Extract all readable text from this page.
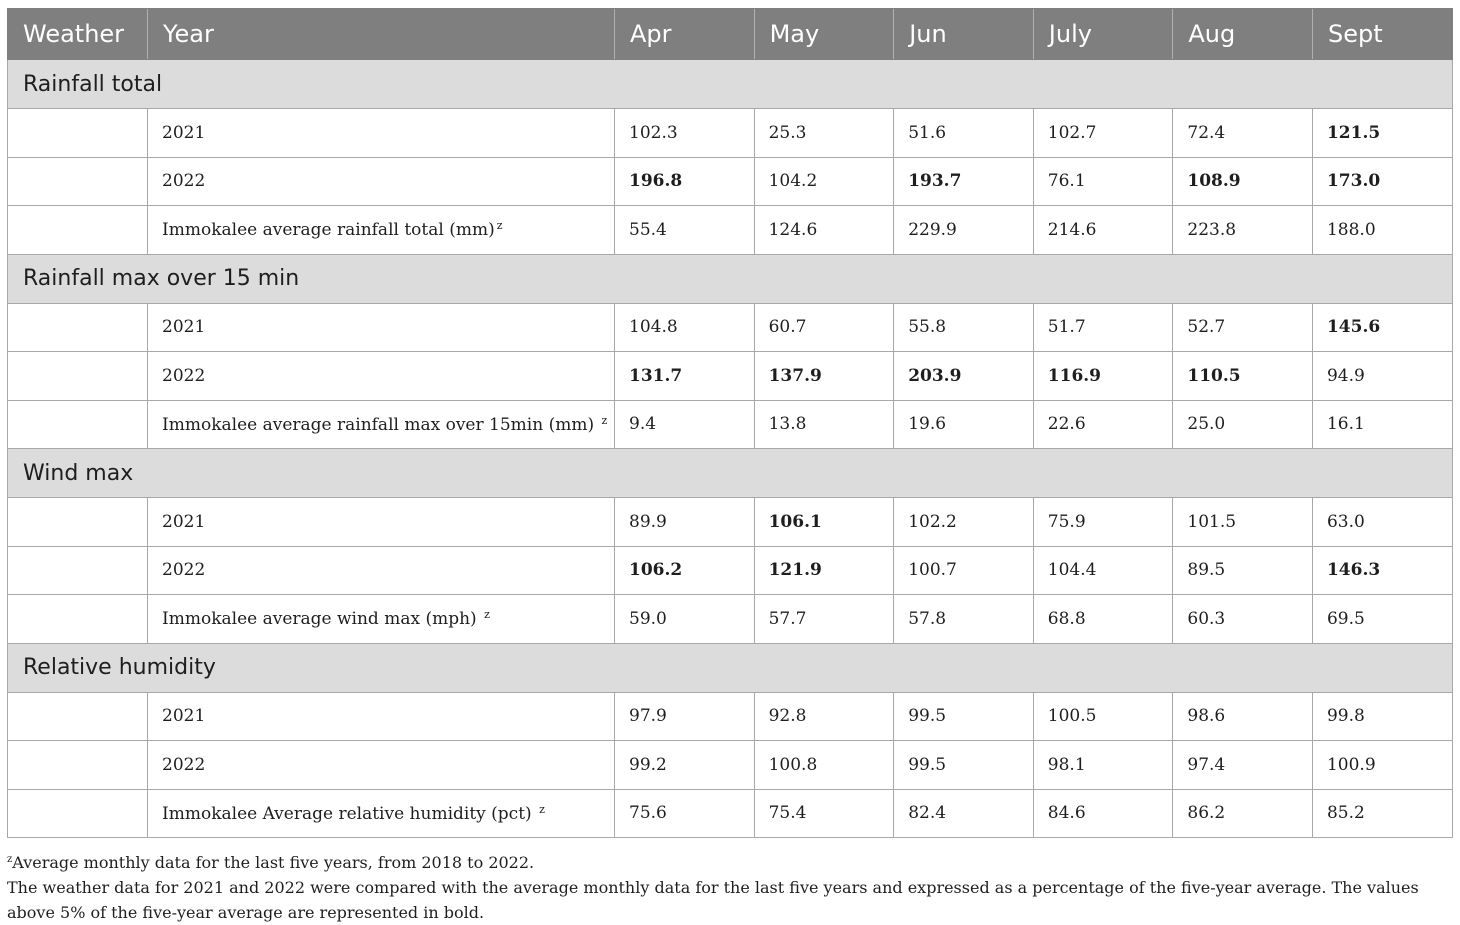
Weather	Year	Apr	May	Jun	July	Aug	Sept
Rainfall total							
	2021	102.3	25.3	51.6	102.7	72.4	121.5
	2022	196.8	104.2	193.7	76.1	108.9	173.0
	Immokalee average rainfall total (mm) $^z$	55.4	124.6	229.9	214.6	223.8	188.0
Rainfall max over 15 min							
	2021	104.8	60.7	55.8	51.7	52.7	145.6
	2022	131.7	137.9	203.9	116.9	110.5	94.9
	Immokalee average rainfall max over 15min (mm) $^z$	9.4	13.8	19.6	22.6	25.0	16.1
Wind max							
	2021	89.9	106.1	102.2	75.9	101.5	63.0
	2022	106.2	121.9	100.7	104.4	89.5	146.3
	Immokalee average wind max (mph) $^z$	59.0	57.7	57.8	68.8	60.3	69.5
Relative humidity							
	2021	97.9	92.8	99.5	100.5	98.6	99.8
	2022	99.2	100.8	99.5	98.1	97.4	100.9
	Immokalee Average relative humidity (pct) $^z$	75.6	75.4	82.4	84.6	86.2	85.2
$^z$Average monthly data for the last five years, from 2018 to 2022.
The weather data for 2021 and 2022 were compared with the average monthly data for the last five years and expressed as a percentage of the five-year average. The values above 5% of the five-year average are represented in bold.
